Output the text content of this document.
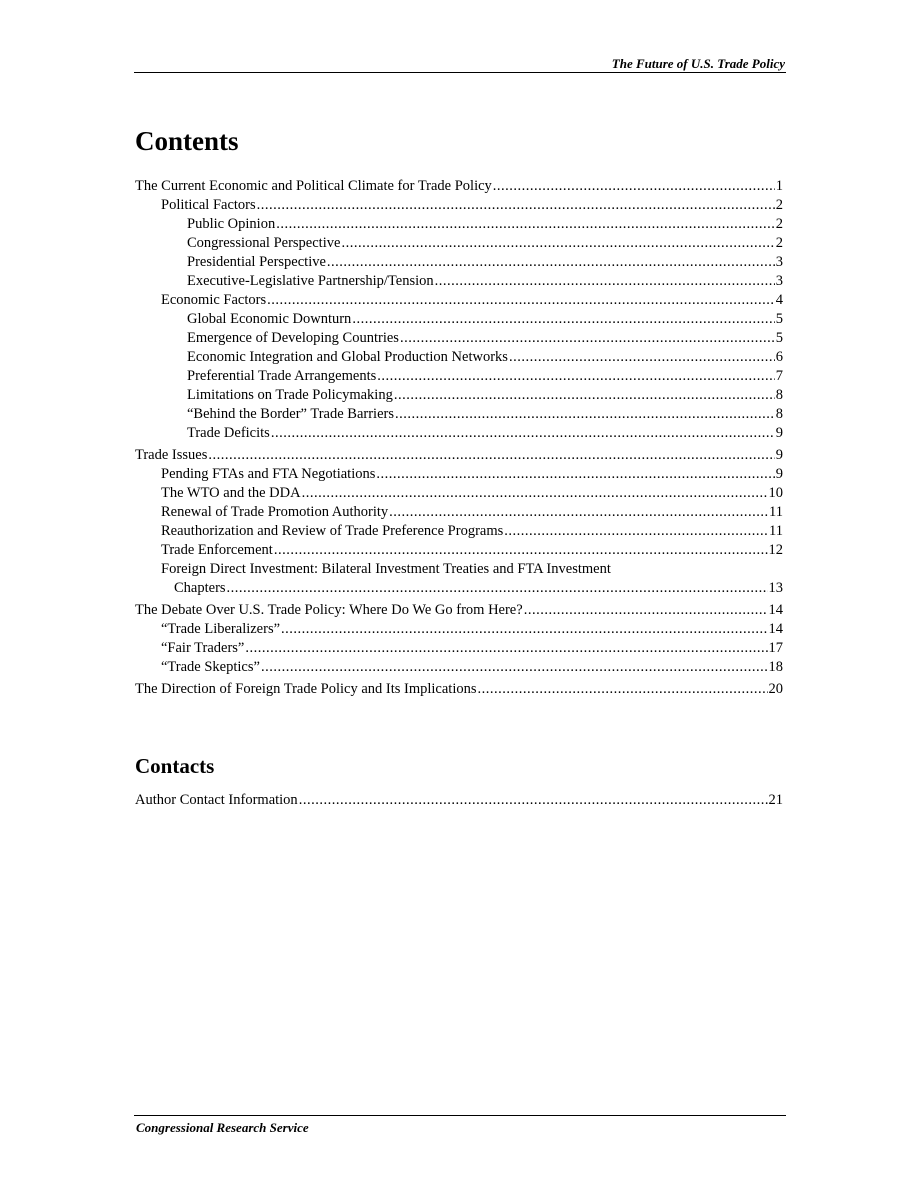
The Future of U.S. Trade Policy
Contents
The Current Economic and Political Climate for Trade Policy .....	1
Political Factors .....	2
Public Opinion .....	2
Congressional Perspective .....	2
Presidential Perspective .....	3
Executive-Legislative Partnership/Tension .....	3
Economic Factors .....	4
Global Economic Downturn .....	5
Emergence of Developing Countries .....	5
Economic Integration and Global Production Networks .....	6
Preferential Trade Arrangements .....	7
Limitations on Trade Policymaking .....	8
“Behind the Border” Trade Barriers .....	8
Trade Deficits .....	9
Trade Issues .....	9
Pending FTAs and FTA Negotiations .....	9
The WTO and the DDA .....	10
Renewal of Trade Promotion Authority .....	11
Reauthorization and Review of Trade Preference Programs .....	11
Trade Enforcement .....	12
Foreign Direct Investment: Bilateral Investment Treaties and FTA Investment
Chapters .....	13
The Debate Over U.S. Trade Policy: Where Do We Go from Here? .....	14
“Trade Liberalizers” .....	14
“Fair Traders” .....	17
“Trade Skeptics” .....	18
The Direction of Foreign Trade Policy and Its Implications .....	20
Contacts
Author Contact Information .....	21
Congressional Research Service
